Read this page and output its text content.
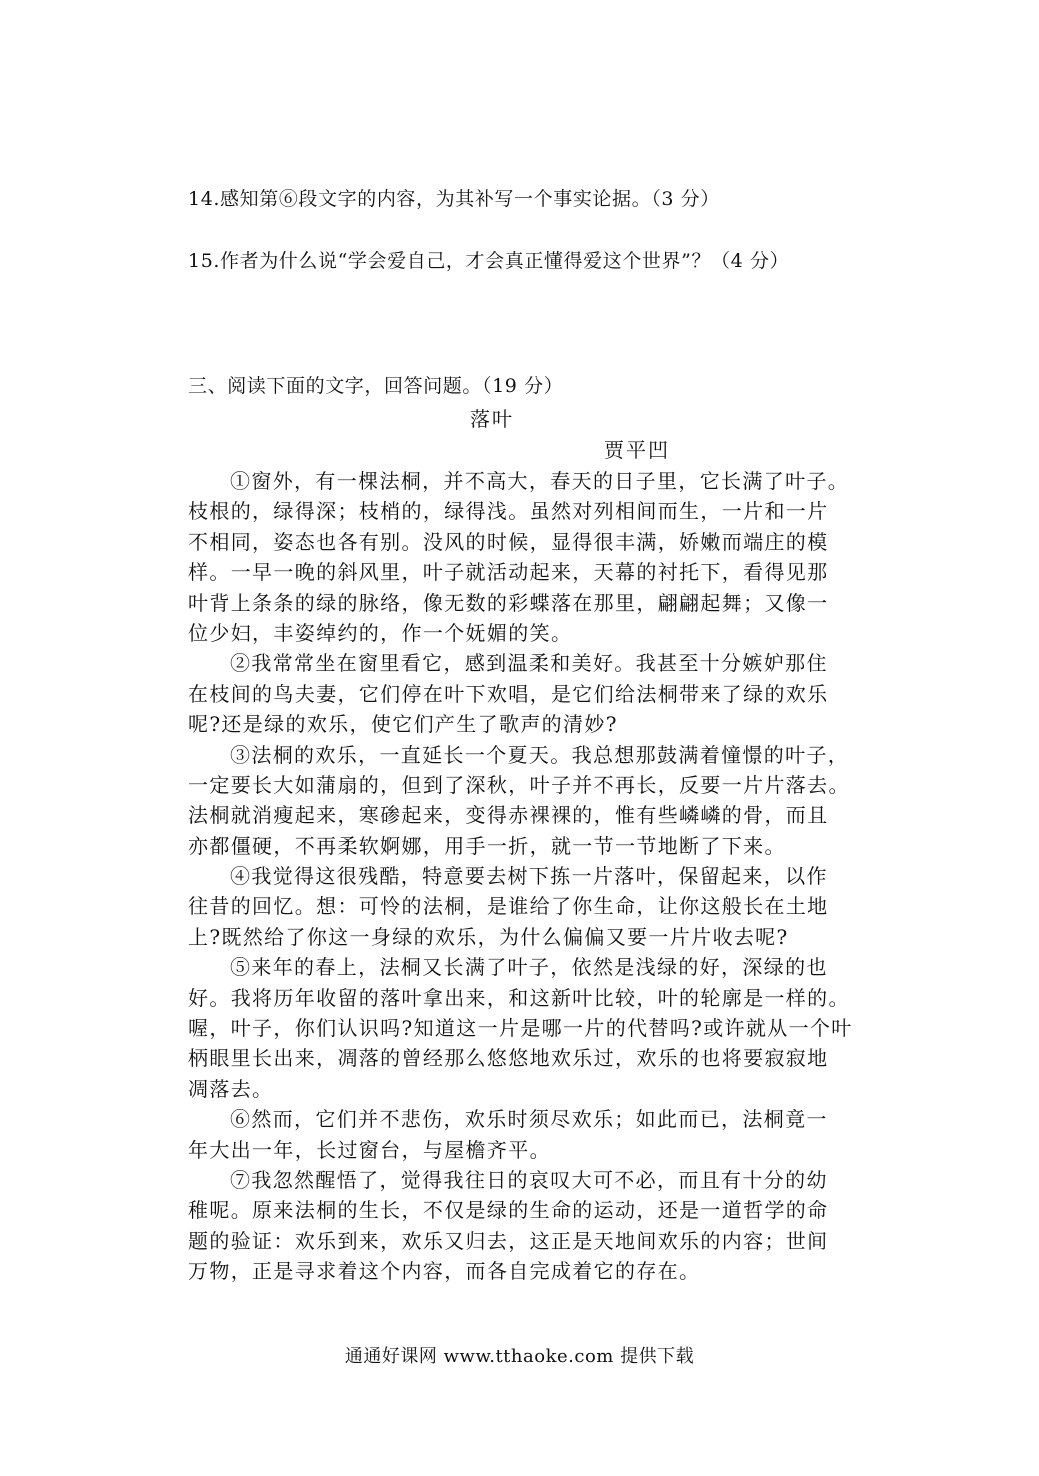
14.感知第⑥段文字的内容，为其补写一个事实论据。（3 分）
15.作者为什么说“学会爱自己，才会真正懂得爱这个世界”？（4 分）
三、阅读下面的文字，回答问题。（19 分）
落叶
贾平凹
①窗外，有一棵法桐，并不高大，春天的日子里，它长满了叶子。
枝根的，绿得深；枝梢的，绿得浅。虽然对列相间而生，一片和一片
不相同，姿态也各有别。没风的时候，显得很丰满，娇嫩而端庄的模
样。一早一晚的斜风里，叶子就活动起来，天幕的衬托下，看得见那
叶背上条条的绿的脉络，像无数的彩蝶落在那里，翩翩起舞；又像一
位少妇，丰姿绰约的，作一个妩媚的笑。
②我常常坐在窗里看它，感到温柔和美好。我甚至十分嫉妒那住
在枝间的鸟夫妻，它们停在叶下欢唱，是它们给法桐带来了绿的欢乐
呢?还是绿的欢乐，使它们产生了歌声的清妙?
③法桐的欢乐，一直延长一个夏天。我总想那鼓满着憧憬的叶子，
一定要长大如蒲扇的，但到了深秋，叶子并不再长，反要一片片落去。
法桐就消瘦起来，寒碜起来，变得赤裸裸的，惟有些嶙嶙的骨，而且
亦都僵硬，不再柔软婀娜，用手一折，就一节一节地断了下来。
④我觉得这很残酷，特意要去树下拣一片落叶，保留起来，以作
往昔的回忆。想：可怜的法桐，是谁给了你生命，让你这般长在土地
上?既然给了你这一身绿的欢乐，为什么偏偏又要一片片收去呢?
⑤来年的春上，法桐又长满了叶子，依然是浅绿的好，深绿的也
好。我将历年收留的落叶拿出来，和这新叶比较，叶的轮廓是一样的。
喔，叶子，你们认识吗?知道这一片是哪一片的代替吗?或许就从一个叶
柄眼里长出来，凋落的曾经那么悠悠地欢乐过，欢乐的也将要寂寂地
凋落去。
⑥然而，它们并不悲伤，欢乐时须尽欢乐；如此而已，法桐竟一
年大出一年，长过窗台，与屋檐齐平。
⑦我忽然醒悟了，觉得我往日的哀叹大可不必，而且有十分的幼
稚呢。原来法桐的生长，不仅是绿的生命的运动，还是一道哲学的命
题的验证：欢乐到来，欢乐又归去，这正是天地间欢乐的内容；世间
万物，正是寻求着这个内容，而各自完成着它的存在。
通通好课网 www.tthaoke.com 提供下载
